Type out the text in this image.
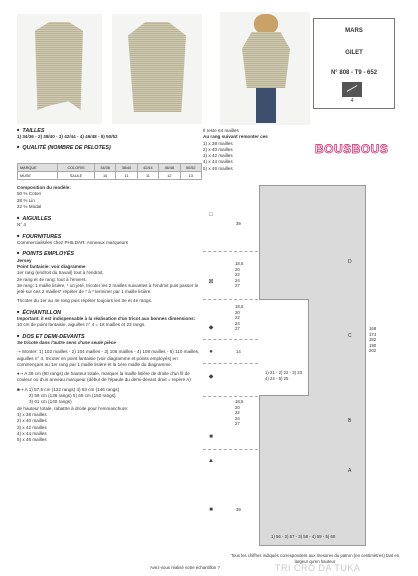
MARS
GILET
N° 808 - T9 - 652
4
■ TAILLES
1) 34/36 - 2) 38/40 - 3) 42/44 - 4) 46/48 - 5) 50/52
■ QUALITÉ (NOMBRE DE PELOTES)
MARQUE	COLORIS	34/36	38/40	42/44	46/48	50/52
MUSE	SAULE	10	11	11	12	13
Composition du modèle:
50 % Coton
28 % Lin
22 % Modal
■ AIGUILLES
N° 4
■ FOURNITURES
Commercialisées chez PHILDAR: Anneaux marqueurs
■ POINTS EMPLOYÉS
Jersey
Point fantaisie: voir diagramme
1er rang (endroit du travail) tout à l'endroit.
2e rang et 4e rang: tout à l'envers.
3e rang: 1 maille lisière, * un jeté, tricoter les 2 mailles suivantes à l'endroit puis passer le jeté sur ces 2 mailles* répéter de * à * terminer par 1 maille lisière.
Tricoter du 1er au 4e rang puis répéter toujours les 3e et 4e rangs.
■ ÉCHANTILLON
Important: il est indispensable à la réalisation d'un tricot aux bonnes dimensions:
10 cm de point fantaisie, aiguilles n° 4 = 18 mailles et 23 rangs.
■ DOS ET DEMI-DEVANTS
Se tricote dans l'autre sens d'une seule pièce
⇢ Monter: 1) 102 mailles - 2) 104 mailles - 3) 106 mailles - 4) 108 mailles - 5) 110 mailles, aiguilles n° 4, tricoter en point fantaisie (voir diagramme et points employés) en commençant au 1er rang par 1 maille lisière et la 1ère maille du diagramme.
♦⇢ A 39 cm (90 rangs) de hauteur totale, marquer la maille lisière de droite d'un fil de couleur ou d'un anneau marqueur (début de l'épaule du demi-devant droit = repère A)
■⇢ A 1) 57,5 cm (132 rangs) 4) 63 cm (146 rangs)
2) 59 cm (136 rangs) 5) 65 cm (150 rangs)
3) 61 cm (140 rangs)
de hauteur totale, rabattre à droite pour l'emmanchure:
1) x 38 mailles
2) x 40 mailles
3) x 42 mailles
4) x 44 mailles
5) x 46 mailles
Il reste 64 mailles
Au rang suivant remonter ces
1) x 38 mailles
2) x 40 mailles
3) x 42 mailles
4) x 44 mailles
5) x 46 mailles
BOUSBOUS
□
⊠
◆
●
◆
■
▲
■
39
18,5
20
22
24
27
18,5
20
22
24
27
14
18,5
20
22
24
27
39
D
C
B
A
1) 21 - 2) 22 - 3) 23
4) 24 - 5) 25
168
174
182
190
202
1) 56 - 2) 57 - 3) 58 - 4) 59 - 5) 60
Tous les chiffres indiqués correspondent aux mesures du patron (en centimètres) tant en largeur qu'en hauteur
Avez-vous réalisé votre échantillon ?	TRI CRO DA TUKA
